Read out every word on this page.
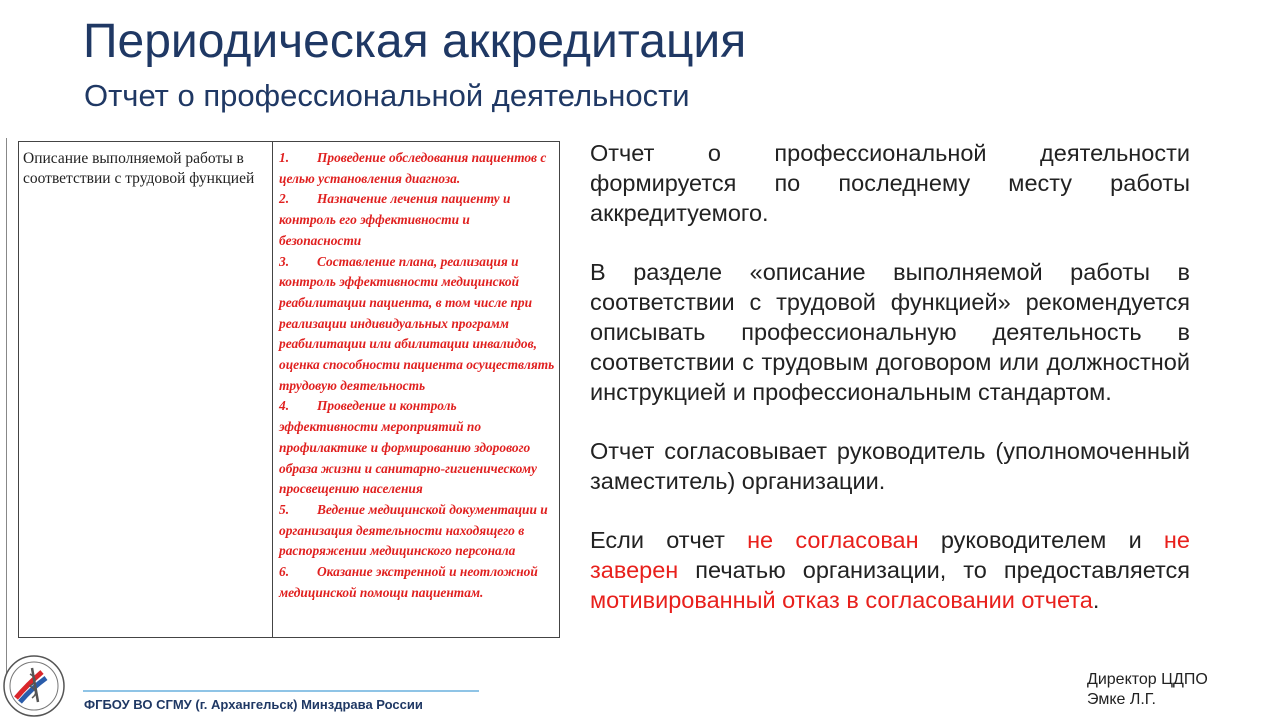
Периодическая аккредитация
Отчет о профессиональной деятельности
Описание выполняемой работы в соответствии с трудовой функцией

1. Проведение обследования пациентов с целью установления диагноза.

2. Назначение лечения пациенту и контроль его эффективности и безопасности

3. Составление плана, реализация и контроль эффективности медицинской реабилитации пациента, в том числе при реализации индивидуальных программ реабилитации или абилитации инвалидов, оценка способности пациента осуществлять трудовую деятельность

4. Проведение и контроль эффективности мероприятий по профилактике и формированию здорового образа жизни и санитарно-гигиеническому просвещению населения

5. Ведение медицинской документации и организация деятельности находящего в распоряжении медицинского персонала

6. Оказание экстренной и неотложной медицинской помощи пациентам.

Отчет о профессиональной деятельности формируется по последнему месту работы аккредитуемого.

В разделе «описание выполняемой работы в соответствии с трудовой функцией» рекомендуется описывать профессиональную деятельность в соответствии с трудовым договором или должностной инструкцией и профессиональным стандартом.

Отчет согласовывает руководитель (уполномоченный заместитель) организации.

Если отчет не согласован руководителем и не заверен печатью организации, то предоставляется мотивированный отказ в согласовании отчета.

ФГБОУ ВО СГМУ (г. Архангельск) Минздрава России
Директор ЦДПО
Эмке Л.Г.
